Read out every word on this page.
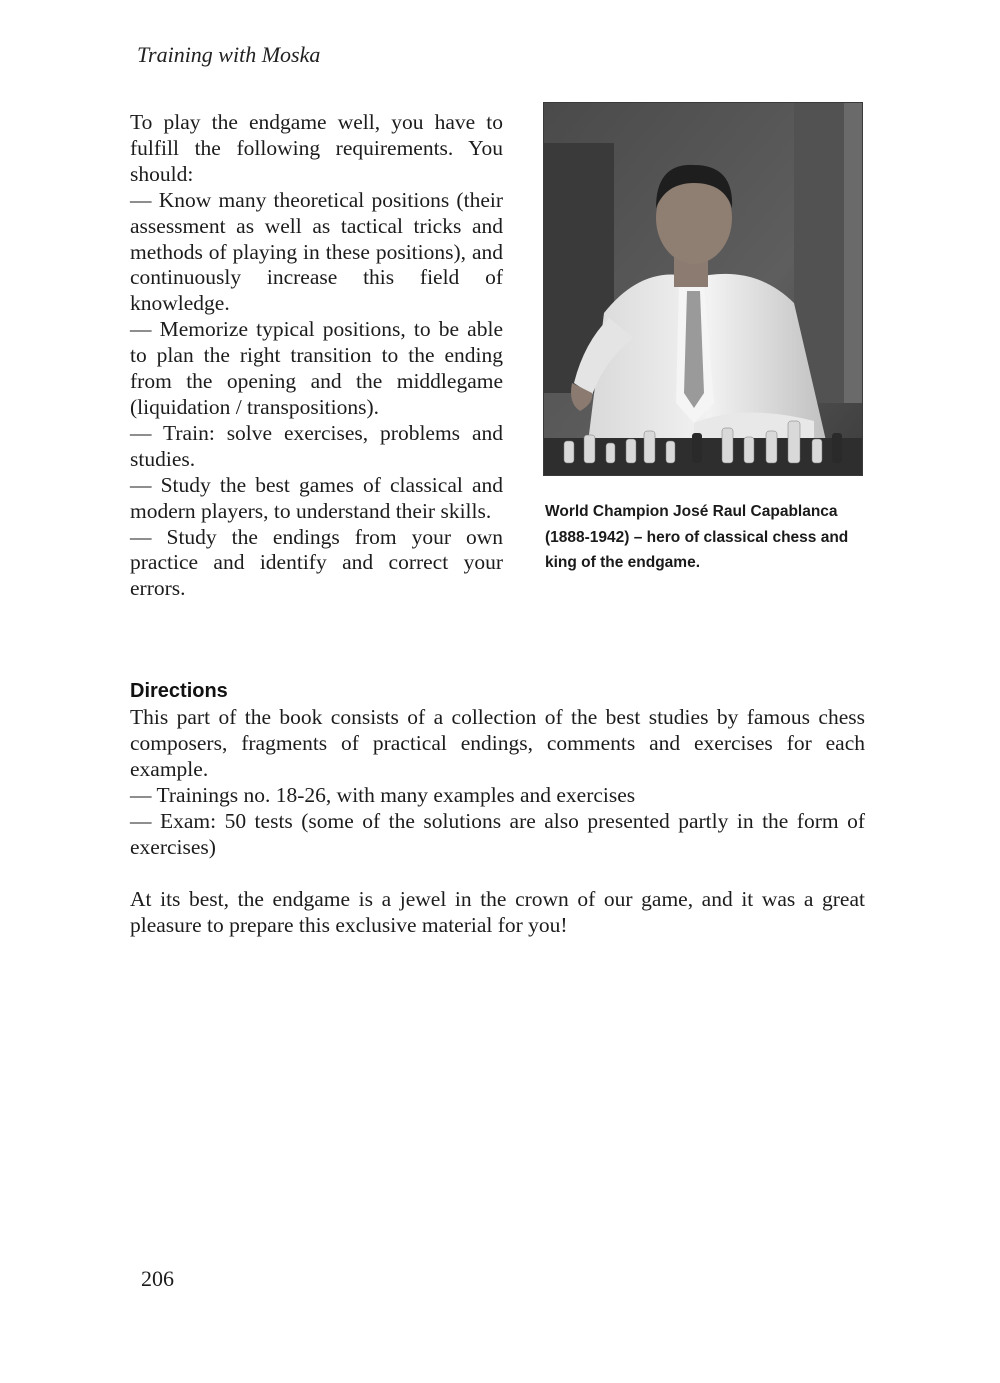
Training with Moska

To play the endgame well, you have to fulfill the following requirements. You should:

— Know many theoretical positions (their assessment as well as tactical tricks and methods of playing in these positions), and continuously increase this field of knowledge.

— Memorize typical positions, to be able to plan the right transition to the ending from the opening and the middlegame (liquidation / transpositions).

— Train: solve exercises, problems and studies.

— Study the best games of classical and modern players, to understand their skills.

— Study the endings from your own practice and identify and correct your errors.

World Champion José Raul Capablanca (1888-1942) – hero of classical chess and king of the endgame.
Directions

This part of the book consists of a collection of the best studies by famous chess composers, fragments of practical endings, comments and exercises for each example.

— Trainings no. 18-26, with many examples and exercises

— Exam: 50 tests (some of the solutions are also presented partly in the form of exercises)

At its best, the endgame is a jewel in the crown of our game, and it was a great pleasure to prepare this exclusive material for you!

206
